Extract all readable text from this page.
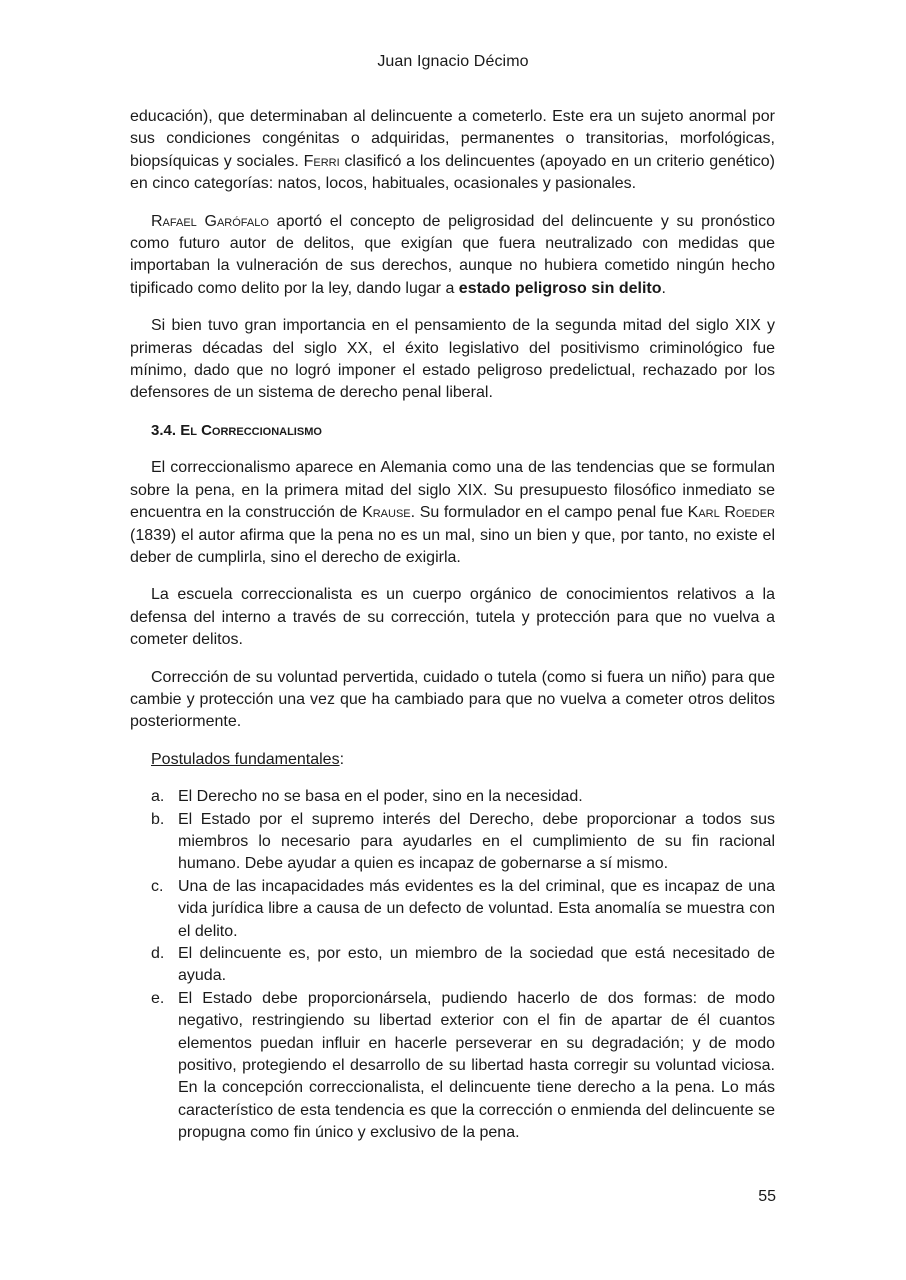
Juan Ignacio Décimo

educación), que determinaban al delincuente a cometerlo. Este era un sujeto anormal por sus condiciones congénitas o adquiridas, permanentes o transitorias, morfológicas, biopsíquicas y sociales. Ferri clasificó a los delincuentes (apoyado en un criterio genético) en cinco categorías: natos, locos, habituales, ocasionales y pasionales.

Rafael Garófalo aportó el concepto de peligrosidad del delincuente y su pronóstico como futuro autor de delitos, que exigían que fuera neutralizado con medidas que importaban la vulneración de sus derechos, aunque no hubiera cometido ningún hecho tipificado como delito por la ley, dando lugar a estado peligroso sin delito.

Si bien tuvo gran importancia en el pensamiento de la segunda mitad del siglo XIX y primeras décadas del siglo XX, el éxito legislativo del positivismo criminológico fue mínimo, dado que no logró imponer el estado peligroso predelictual, rechazado por los defensores de un sistema de derecho penal liberal.

3.4. El Correccionalismo

El correccionalismo aparece en Alemania como una de las tendencias que se formulan sobre la pena, en la primera mitad del siglo XIX. Su presupuesto filosófico inmediato se encuentra en la construcción de Krause. Su formulador en el campo penal fue Karl Roeder (1839) el autor afirma que la pena no es un mal, sino un bien y que, por tanto, no existe el deber de cumplirla, sino el derecho de exigirla.

La escuela correccionalista es un cuerpo orgánico de conocimientos relativos a la defensa del interno a través de su corrección, tutela y protección para que no vuelva a cometer delitos.

Corrección de su voluntad pervertida, cuidado o tutela (como si fuera un niño) para que cambie y protección una vez que ha cambiado para que no vuelva a cometer otros delitos posteriormente.

Postulados fundamentales:

a. El Derecho no se basa en el poder, sino en la necesidad.
b. El Estado por el supremo interés del Derecho, debe proporcionar a todos sus miembros lo necesario para ayudarles en el cumplimiento de su fin racional humano. Debe ayudar a quien es incapaz de gobernarse a sí mismo.
c. Una de las incapacidades más evidentes es la del criminal, que es incapaz de una vida jurídica libre a causa de un defecto de voluntad. Esta anomalía se muestra con el delito.
d. El delincuente es, por esto, un miembro de la sociedad que está necesitado de ayuda.
e. El Estado debe proporcionársela, pudiendo hacerlo de dos formas: de modo negativo, restringiendo su libertad exterior con el fin de apartar de él cuantos elementos puedan influir en hacerle perseverar en su degradación; y de modo positivo, protegiendo el desarrollo de su libertad hasta corregir su voluntad viciosa. En la concepción correccionalista, el delincuente tiene derecho a la pena. Lo más característico de esta tendencia es que la corrección o enmienda del delincuente se propugna como fin único y exclusivo de la pena.
55
